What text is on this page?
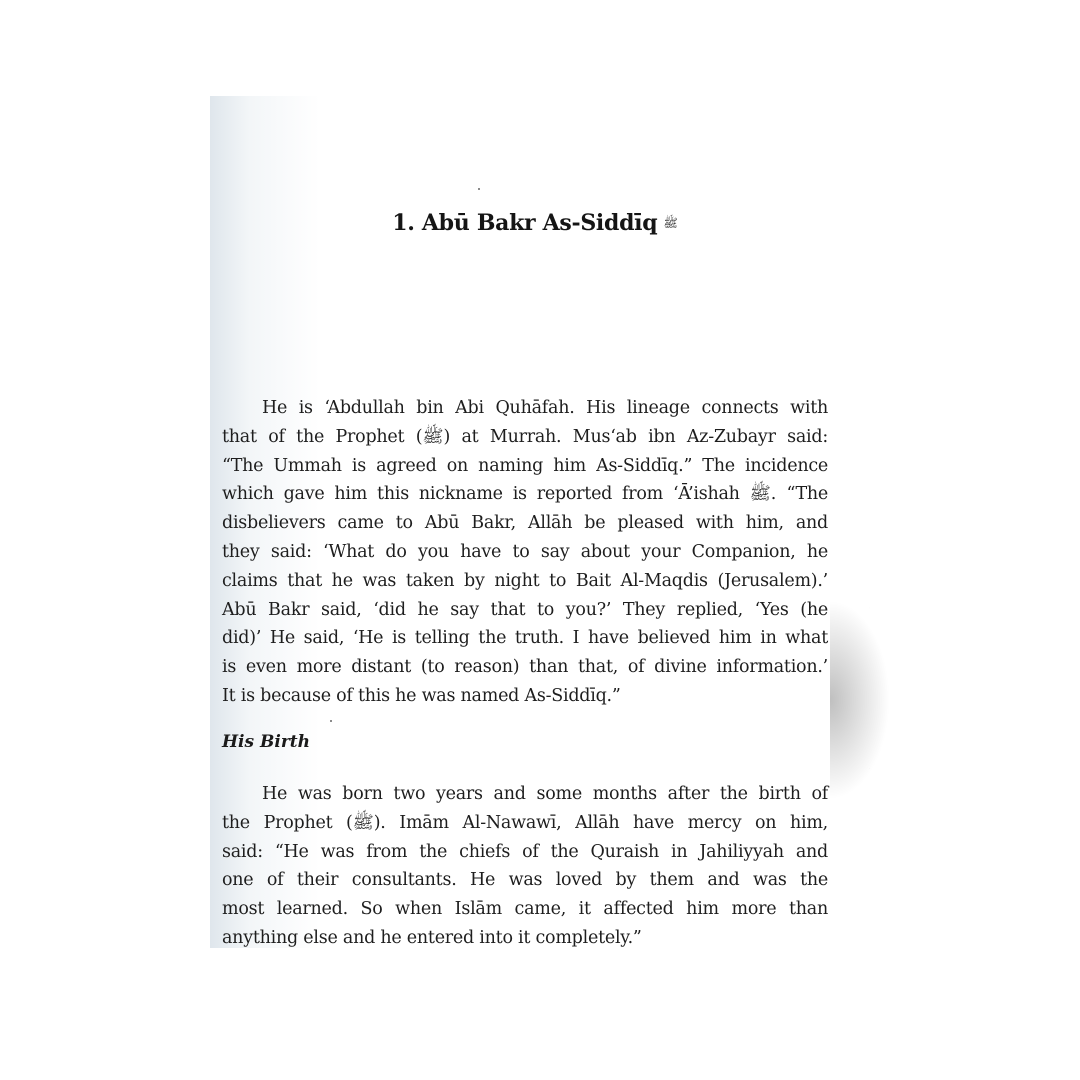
1. Abū Bakr As-Siddīq ﷺ

He is ‘Abdullah bin Abi Quhāfah. His lineage connects with
that of the Prophet (ﷺ) at Murrah. Mus‘ab ibn Az-Zubayr said:
“The Ummah is agreed on naming him As-Siddīq.” The incidence
which gave him this nickname is reported from ‘Ā’ishah ﷺ. “The
disbelievers came to Abū Bakr, Allāh be pleased with him, and
they said: ‘What do you have to say about your Companion, he
claims that he was taken by night to Bait Al-Maqdis (Jerusalem).’
Abū Bakr said, ‘did he say that to you?’ They replied, ‘Yes (he
did)’ He said, ‘He is telling the truth. I have believed him in what
is even more distant (to reason) than that, of divine information.’
It is because of this he was named As-Siddīq.”

His Birth

He was born two years and some months after the birth of
the Prophet (ﷺ). Imām Al-Nawawī, Allāh have mercy on him,
said: “He was from the chiefs of the Quraish in Jahiliyyah and
one of their consultants. He was loved by them and was the
most learned. So when Islām came, it affected him more than
anything else and he entered into it completely.”
